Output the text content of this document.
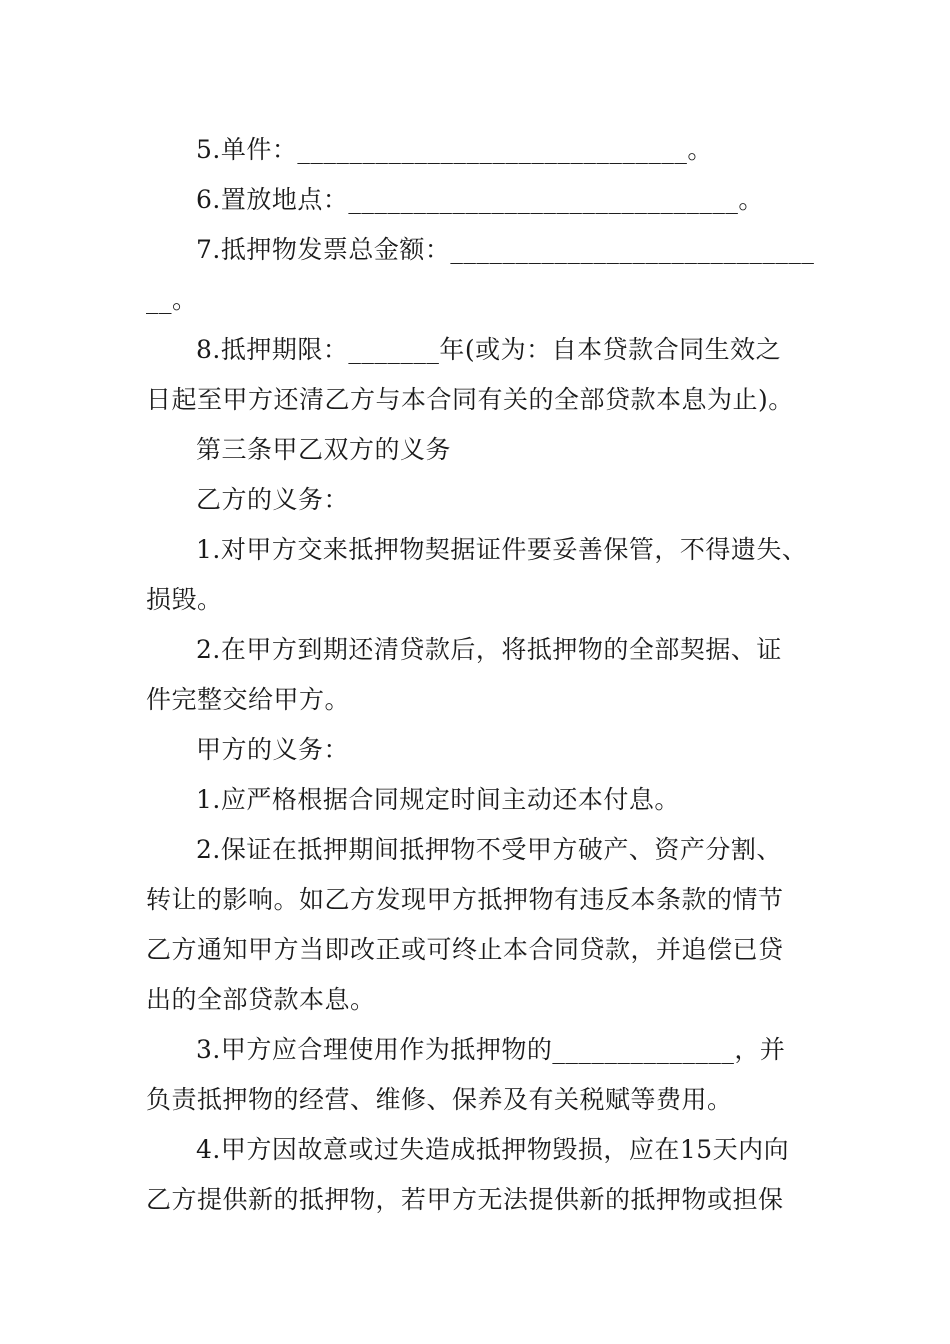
5.单件：______________________________。
6.置放地点：______________________________。
7.抵押物发票总金额：____________________________
__。
8.抵押期限：_______年(或为：自本贷款合同生效之
日起至甲方还清乙方与本合同有关的全部贷款本息为止)。
第三条甲乙双方的义务
乙方的义务：
1.对甲方交来抵押物契据证件要妥善保管，不得遗失、
损毁。
2.在甲方到期还清贷款后，将抵押物的全部契据、证
件完整交给甲方。
甲方的义务：
1.应严格根据合同规定时间主动还本付息。
2.保证在抵押期间抵押物不受甲方破产、资产分割、
转让的影响。如乙方发现甲方抵押物有违反本条款的情节
乙方通知甲方当即改正或可终止本合同贷款，并追偿已贷
出的全部贷款本息。
3.甲方应合理使用作为抵押物的______________，并
负责抵押物的经营、维修、保养及有关税赋等费用。
4.甲方因故意或过失造成抵押物毁损，应在15天内向
乙方提供新的抵押物，若甲方无法提供新的抵押物或担保
